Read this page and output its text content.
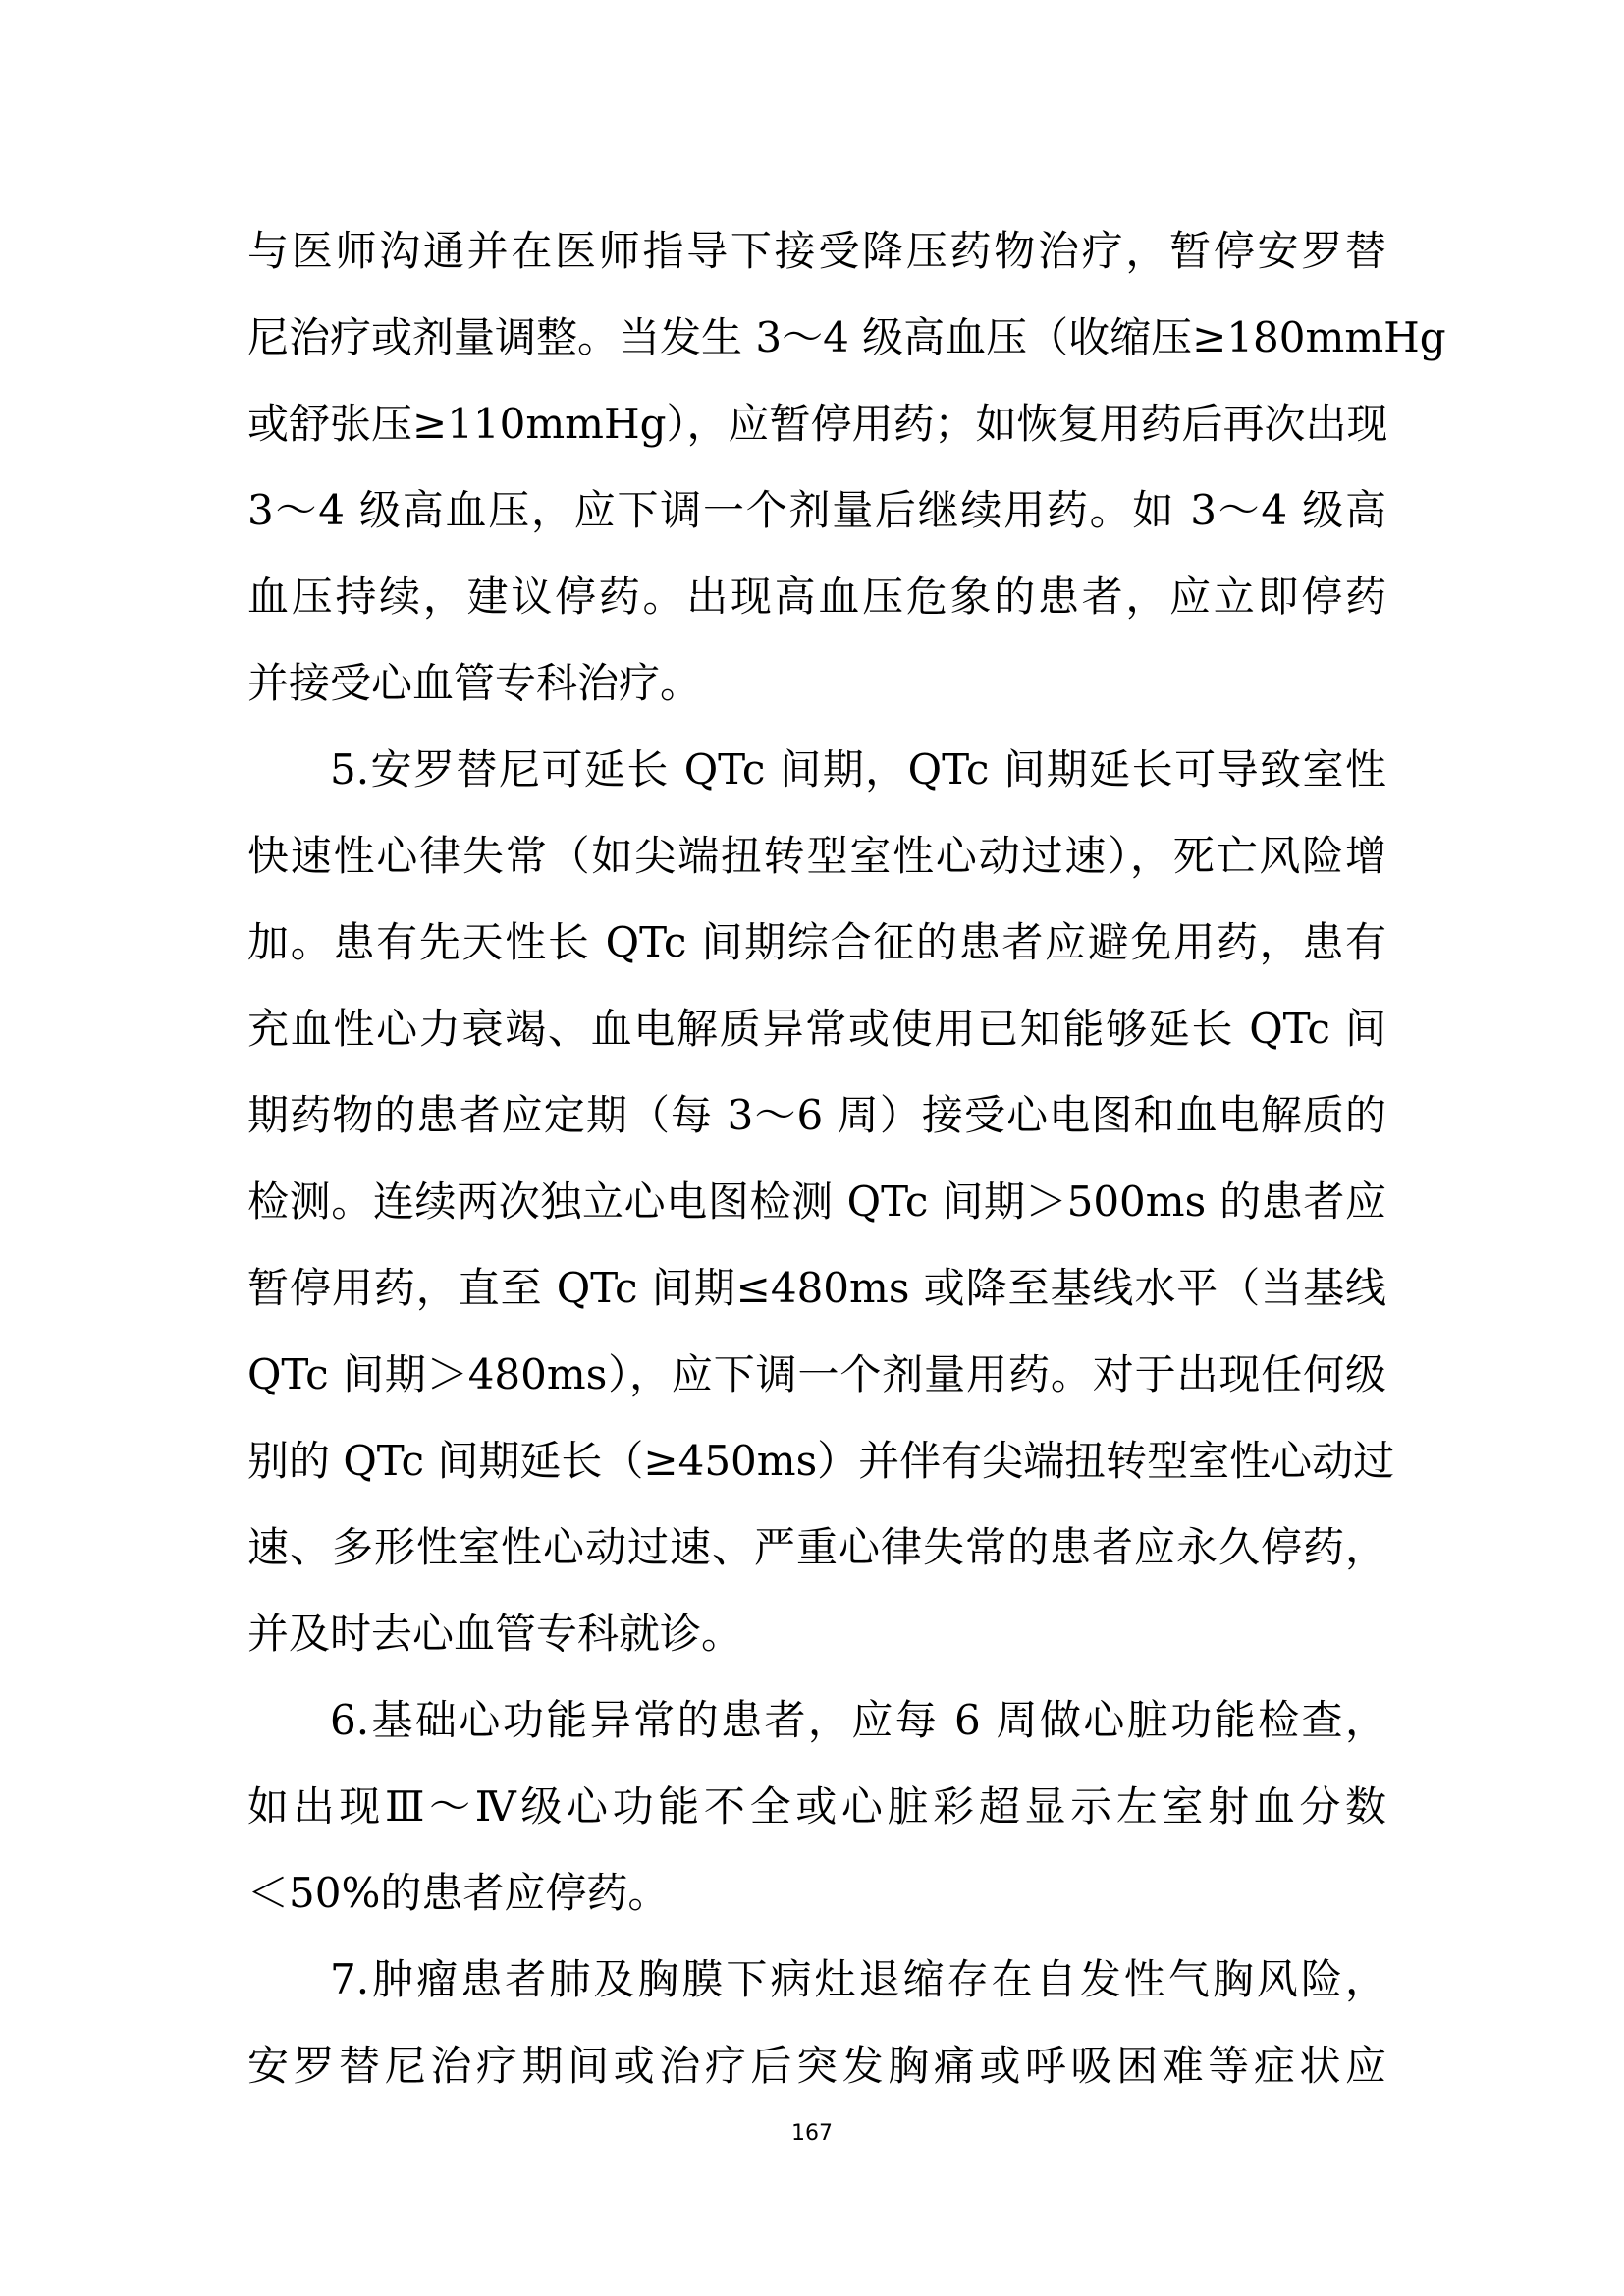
与医师沟通并在医师指导下接受降压药物治疗，暂停安罗替
尼治疗或剂量调整。当发生 3～4 级高血压（收缩压≥180mmHg
或舒张压≥110mmHg），应暂停用药；如恢复用药后再次出现
3～4 级高血压，应下调一个剂量后继续用药。如 3～4 级高
血压持续，建议停药。出现高血压危象的患者，应立即停药
并接受心血管专科治疗。
5.安罗替尼可延长 QTc 间期，QTc 间期延长可导致室性
快速性心律失常（如尖端扭转型室性心动过速），死亡风险增
加。患有先天性长 QTc 间期综合征的患者应避免用药，患有
充血性心力衰竭、血电解质异常或使用已知能够延长 QTc 间
期药物的患者应定期（每 3～6 周）接受心电图和血电解质的
检测。连续两次独立心电图检测 QTc 间期＞500ms 的患者应
暂停用药，直至 QTc 间期≤480ms 或降至基线水平（当基线
QTc 间期＞480ms），应下调一个剂量用药。对于出现任何级
别的 QTc 间期延长（≥450ms）并伴有尖端扭转型室性心动过
速、多形性室性心动过速、严重心律失常的患者应永久停药，
并及时去心血管专科就诊。
6.基础心功能异常的患者，应每 6 周做心脏功能检查，
如出现Ⅲ～Ⅳ级心功能不全或心脏彩超显示左室射血分数
＜50%的患者应停药。
7.肿瘤患者肺及胸膜下病灶退缩存在自发性气胸风险，
安罗替尼治疗期间或治疗后突发胸痛或呼吸困难等症状应
167
